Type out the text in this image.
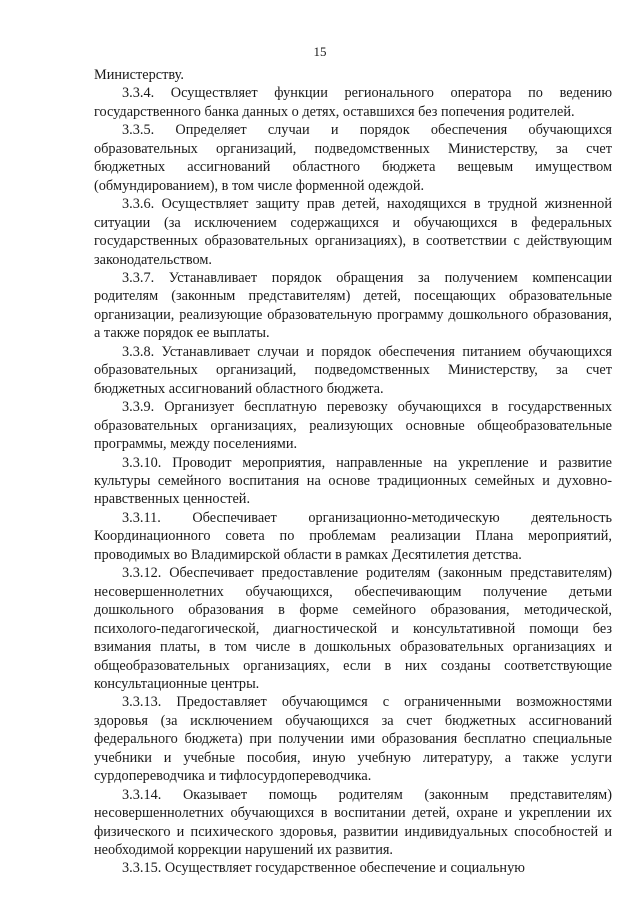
15

Министерству.

3.3.4. Осуществляет функции регионального оператора по ведению государственного банка данных о детях, оставшихся без попечения родителей.

3.3.5. Определяет случаи и порядок обеспечения обучающихся образовательных организаций, подведомственных Министерству, за счет бюджетных ассигнований областного бюджета вещевым имуществом (обмундированием), в том числе форменной одеждой.

3.3.6. Осуществляет защиту прав детей, находящихся в трудной жизненной ситуации (за исключением содержащихся и обучающихся в федеральных государственных образовательных организациях), в соответствии с действующим законодательством.

3.3.7. Устанавливает порядок обращения за получением компенсации родителям (законным представителям) детей, посещающих образовательные организации, реализующие образовательную программу дошкольного образования, а также порядок ее выплаты.

3.3.8. Устанавливает случаи и порядок обеспечения питанием обучающихся образовательных организаций, подведомственных Министерству, за счет бюджетных ассигнований областного бюджета.

3.3.9. Организует бесплатную перевозку обучающихся в государственных образовательных организациях, реализующих основные общеобразовательные программы, между поселениями.

3.3.10. Проводит мероприятия, направленные на укрепление и развитие культуры семейного воспитания на основе традиционных семейных и духовно-нравственных ценностей.

3.3.11. Обеспечивает организационно-методическую деятельность Координационного совета по проблемам реализации Плана мероприятий, проводимых во Владимирской области в рамках Десятилетия детства.

3.3.12. Обеспечивает предоставление родителям (законным представителям) несовершеннолетних обучающихся, обеспечивающим получение детьми дошкольного образования в форме семейного образования, методической, психолого-педагогической, диагностической и консультативной помощи без взимания платы, в том числе в дошкольных образовательных организациях и общеобразовательных организациях, если в них созданы соответствующие консультационные центры.

3.3.13. Предоставляет обучающимся с ограниченными возможностями здоровья (за исключением обучающихся за счет бюджетных ассигнований федерального бюджета) при получении ими образования бесплатно специальные учебники и учебные пособия, иную учебную литературу, а также услуги сурдопереводчика и тифлосурдопереводчика.

3.3.14. Оказывает помощь родителям (законным представителям) несовершеннолетних обучающихся в воспитании детей, охране и укреплении их физического и психического здоровья, развитии индивидуальных способностей и необходимой коррекции нарушений их развития.

3.3.15. Осуществляет государственное обеспечение и социальную
